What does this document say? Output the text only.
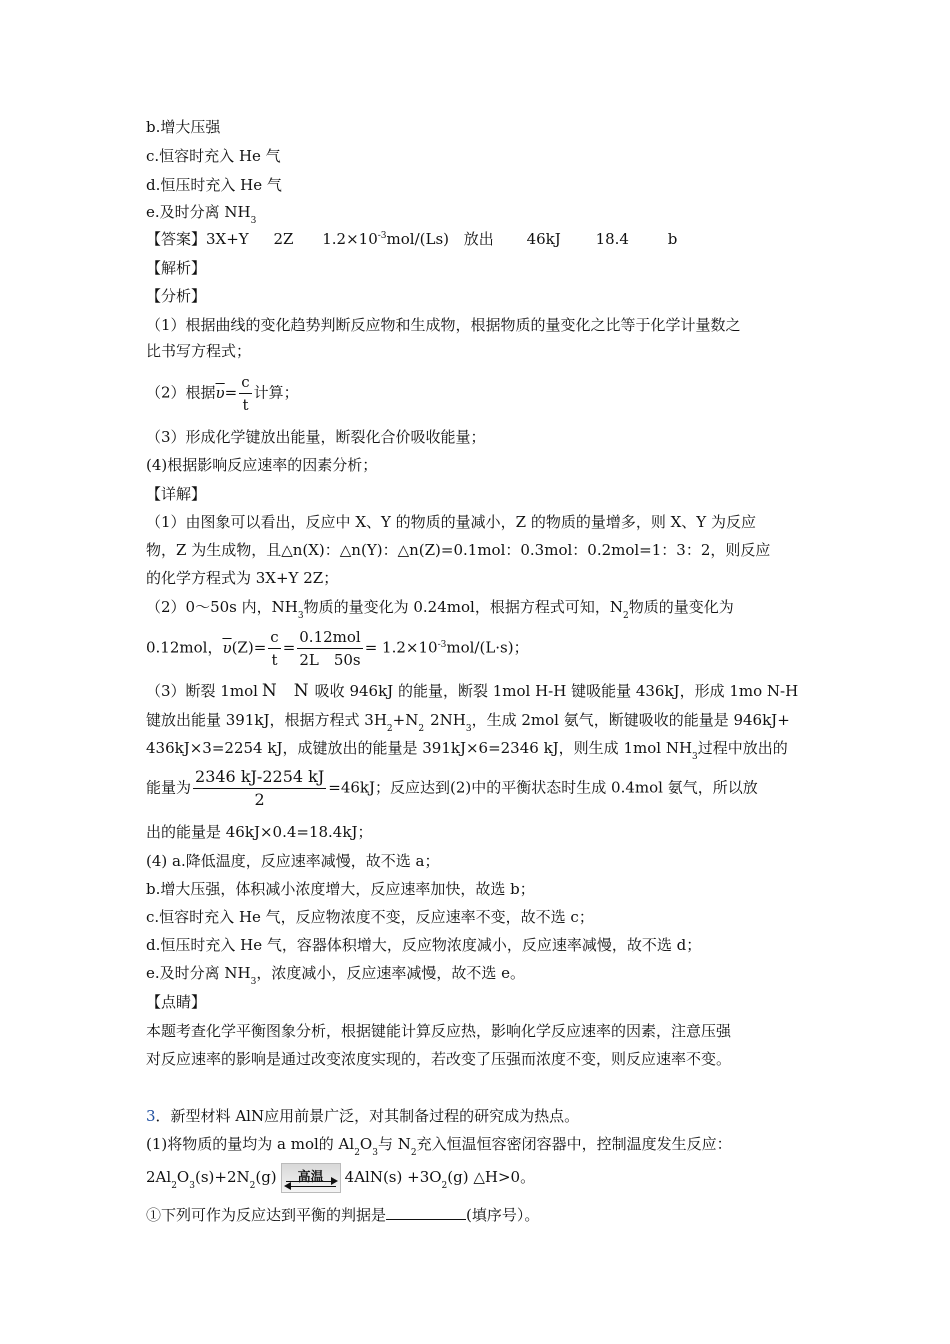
b.增大压强
c.恒容时充入 He 气
d.恒压时充入 He 气
e.及时分离 $NH_3$
【答案】3X+Y 2Z $1.2\times 10^{-3}mol/(Ls)$ 放出 46kJ 18.4	b
【解析】
【分析】
（1）根据曲线的变化趋势判断反应物和生成物，根据物质的量变化之比等于化学计量数之
比书写方程式；
（2）根据$\overline{\upsilon}= \frac{c}{t}$ 计算；
（3）形成化学键放出能量，断裂化合价吸收能量；
(4)根据影响反应速率的因素分析；
【详解】
（1）由图象可以看出，反应中 X、Y 的物质的量减小，Z 的物质的量增多，则 X、Y 为反应
物，Z 为生成物，且△n(X)：△n(Y)：△n(Z)=0.1mol：0.3mol：0.2mol=1：3：2，则反应
的化学方程式为 3X+Y 2Z；
（2）0～50s 内，$NH_3$物质的量变化为 0.24mol，根据方程式可知，$N_2$物质的量变化为
0.12mol，$\overline{\upsilon}(Z)= \frac{c}{t} = \frac{\text{0.12mol}}{2L 50s} = 1.2\times 10^{-3}mol/(L\cdot s)$；
（3）断裂 1mol N　N 吸收 946kJ 的能量，断裂 1mol H-H 键吸能量 436kJ，形成 1mo N-H
键放出能量 391kJ，根据方程式 $3H_2+N_2$ $2NH_3$，生成 2mol 氨气，断键吸收的能量是 946kJ+
436kJ×3=2254 kJ，成键放出的能量是 391kJ×6=2346 kJ，则生成 1mol $NH_3$过程中放出的
能量为 $\frac{2346 kJ-2254 kJ}{2} =46kJ$；反应达到(2)中的平衡状态时生成 0.4mol 氨气，所以放
出的能量是 46kJ×0.4=18.4kJ；
(4) a.降低温度，反应速率减慢，故不选 a；
b.增大压强，体积减小浓度增大，反应速率加快，故选 b；
c.恒容时充入 He 气，反应物浓度不变，反应速率不变，故不选 c；
d.恒压时充入 He 气，容器体积增大，反应物浓度减小，反应速率减慢，故不选 d；
e.及时分离 $NH_3$，浓度减小，反应速率减慢，故不选 e。
【点睛】
本题考查化学平衡图象分析，根据键能计算反应热，影响化学反应速率的因素，注意压强
对反应速率的影响是通过改变浓度实现的，若改变了压强而浓度不变，则反应速率不变。
3．新型材料 AlN应用前景广泛，对其制备过程的研究成为热点。
(1)将物质的量均为 a mol的 $Al_2O_3$与 $N_2$充入恒温恒容密闭容器中，控制温度发生反应：
$2Al_2O_3(s)+2N_2(g)$	高温	$4AlN(s) +3O_2(g)$ △H>0。
①下列可作为反应达到平衡的判据是	(填序号）。
